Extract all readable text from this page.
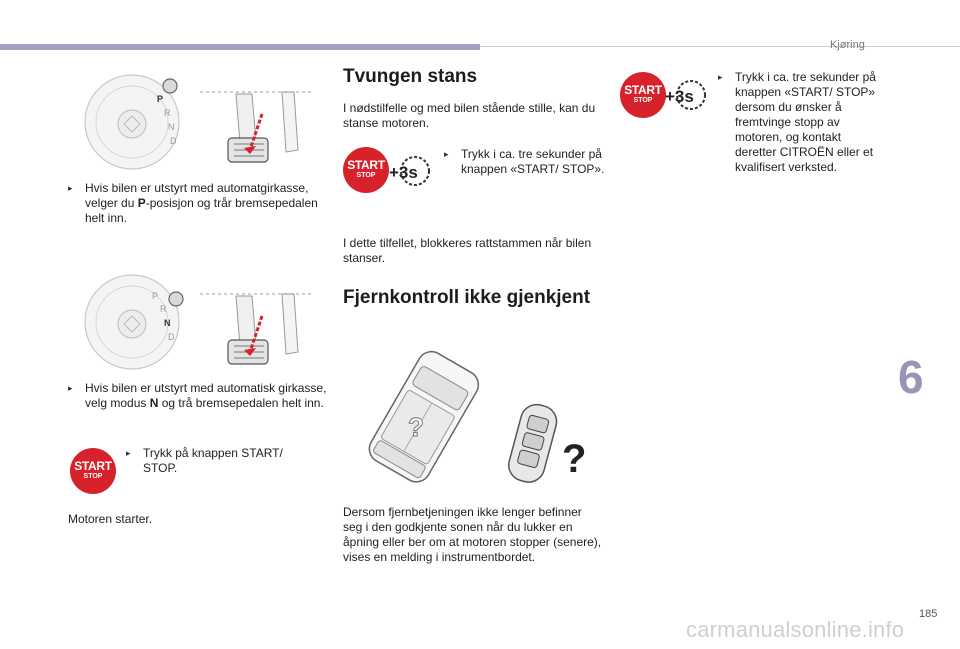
Kjøring
6
185
carmanualsonline.info
P
R
N
D
▸ Hvis bilen er utstyrt med automatgirkasse, velger du P-posisjon og trår bremsepedalen helt inn.
P
R
N
D
▸ Hvis bilen er utstyrt med automatisk girkasse, velg modus N og trå bremsepedalen helt inn.
START
STOP
▸ Trykk på knappen START/ STOP.
Motoren starter.
Tvungen stans
I nødstilfelle og med bilen stående stille, kan du stanse motoren.
START
STOP +3s
▸ Trykk i ca. tre sekunder på knappen «START/ STOP».
I dette tilfellet, blokkeres rattstammen når bilen stanser.
Fjernkontroll ikke gjenkjent
?
?
Dersom fjernbetjeningen ikke lenger befinner seg i den godkjente sonen når du lukker en åpning eller ber om at motoren stopper (senere), vises en melding i instrumentbordet.
START
STOP +3s
▸ Trykk i ca. tre sekunder på knappen «START/ STOP» dersom du ønsker å fremtvinge stopp av motoren, og kontakt deretter CITROËN eller et kvalifisert verksted.
